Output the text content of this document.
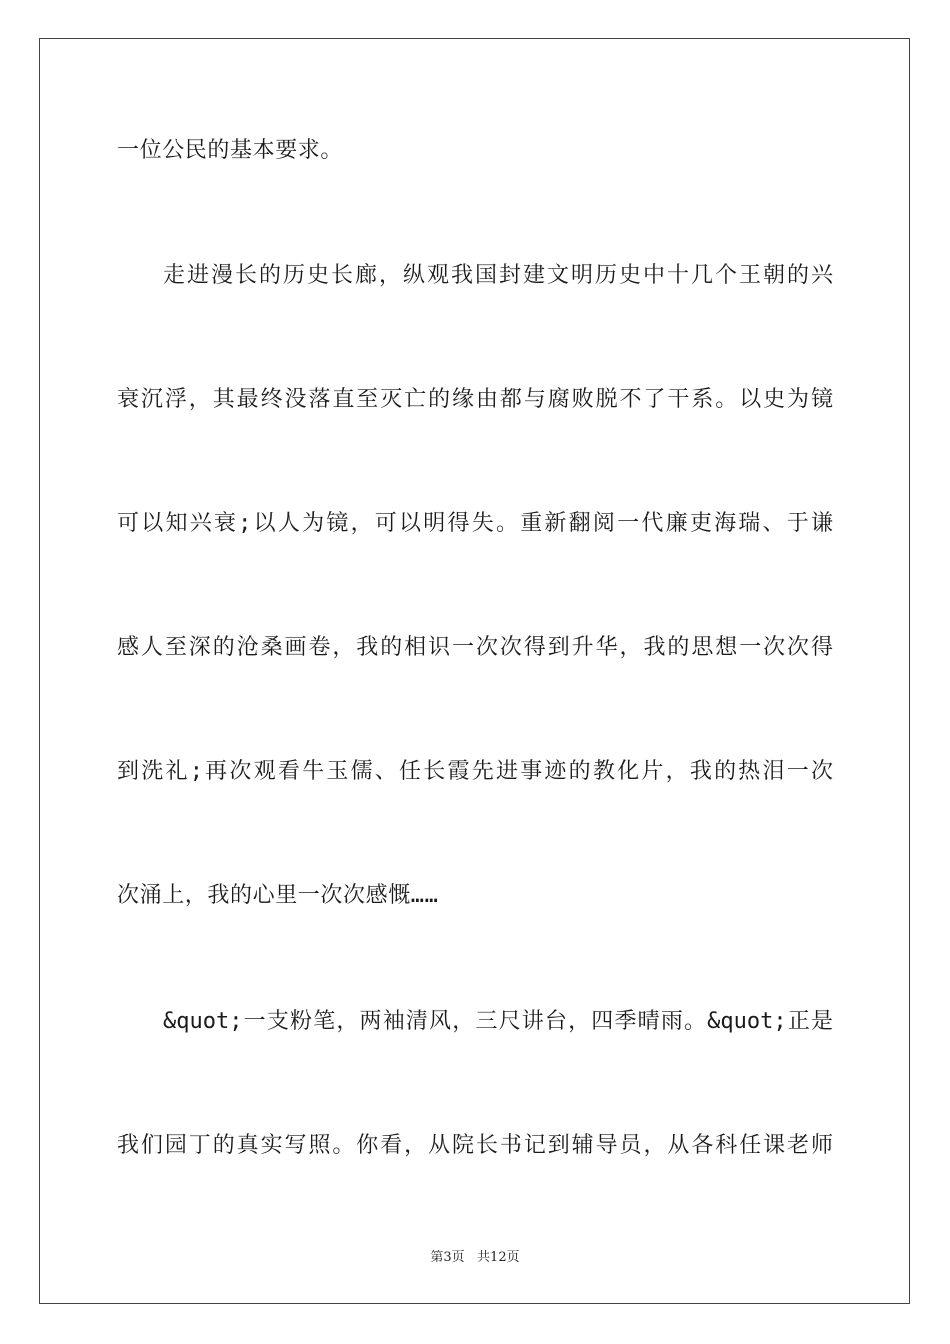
一位公民的基本要求。
走进漫长的历史长廊，纵观我国封建文明历史中十几个王朝的兴
衰沉浮，其最终没落直至灭亡的缘由都与腐败脱不了干系。以史为镜
可以知兴衰;以人为镜，可以明得失。重新翻阅一代廉吏海瑞、于谦
感人至深的沧桑画卷，我的相识一次次得到升华，我的思想一次次得
到洗礼;再次观看牛玉儒、任长霞先进事迹的教化片，我的热泪一次
次涌上，我的心里一次次感慨……
&quot;一支粉笔，两袖清风，三尺讲台，四季晴雨。&quot;正是
我们园丁的真实写照。你看，从院长书记到辅导员，从各科任课老师
第3页   共12页
